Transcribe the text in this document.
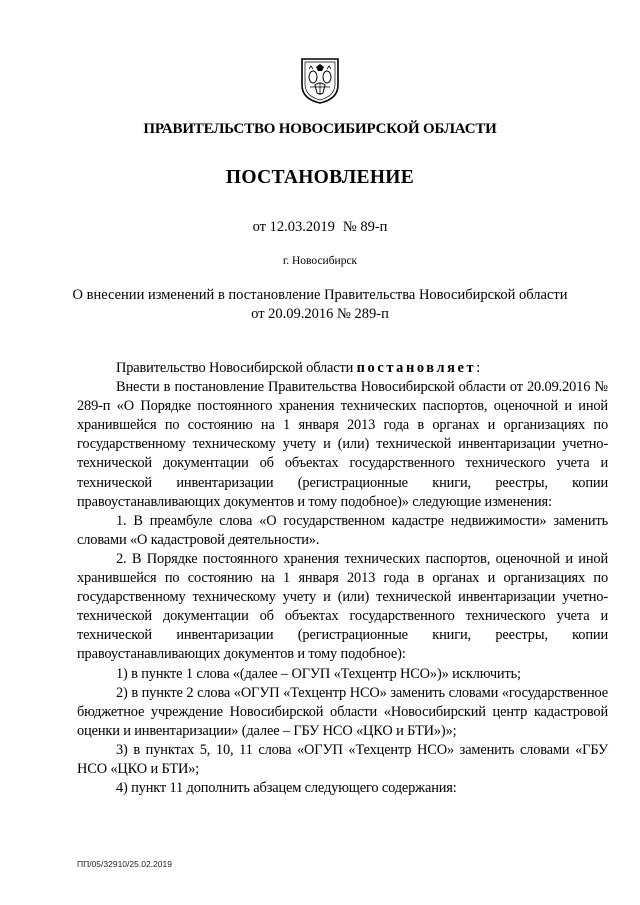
ПРАВИТЕЛЬСТВО НОВОСИБИРСКОЙ ОБЛАСТИ
ПОСТАНОВЛЕНИЕ
от 12.03.2019 № 89-п
г. Новосибирск
О внесении изменений в постановление Правительства Новосибирской области
от 20.09.2016 № 289-п

Правительство Новосибирской области постановляет:

Внести в постановление Правительства Новосибирской области от 20.09.2016 № 289-п «О Порядке постоянного хранения технических паспортов, оценочной и иной хранившейся по состоянию на 1 января 2013 года в органах и организациях по государственному техническому учету и (или) технической инвентаризации учетно-технической документации об объектах государственного технического учета и технической инвентаризации (регистрационные книги, реестры, копии правоустанавливающих документов и тому подобное)» следующие изменения:

1. В преамбуле слова «О государственном кадастре недвижимости» заменить словами «О кадастровой деятельности».

2. В Порядке постоянного хранения технических паспортов, оценочной и иной хранившейся по состоянию на 1 января 2013 года в органах и организациях по государственному техническому учету и (или) технической инвентаризации учетно-технической документации об объектах государственного технического учета и технической инвентаризации (регистрационные книги, реестры, копии правоустанавливающих документов и тому подобное):

1) в пункте 1 слова «(далее – ОГУП «Техцентр НСО»)» исключить;

2) в пункте 2 слова «ОГУП «Техцентр НСО» заменить словами «государственное бюджетное учреждение Новосибирской области «Новосибирский центр кадастровой оценки и инвентаризации» (далее – ГБУ НСО «ЦКО и БТИ»)»;

3) в пунктах 5, 10, 11 слова «ОГУП «Техцентр НСО» заменить словами «ГБУ НСО «ЦКО и БТИ»;

4) пункт 11 дополнить абзацем следующего содержания:

ПП/05/32910/25.02.2019
